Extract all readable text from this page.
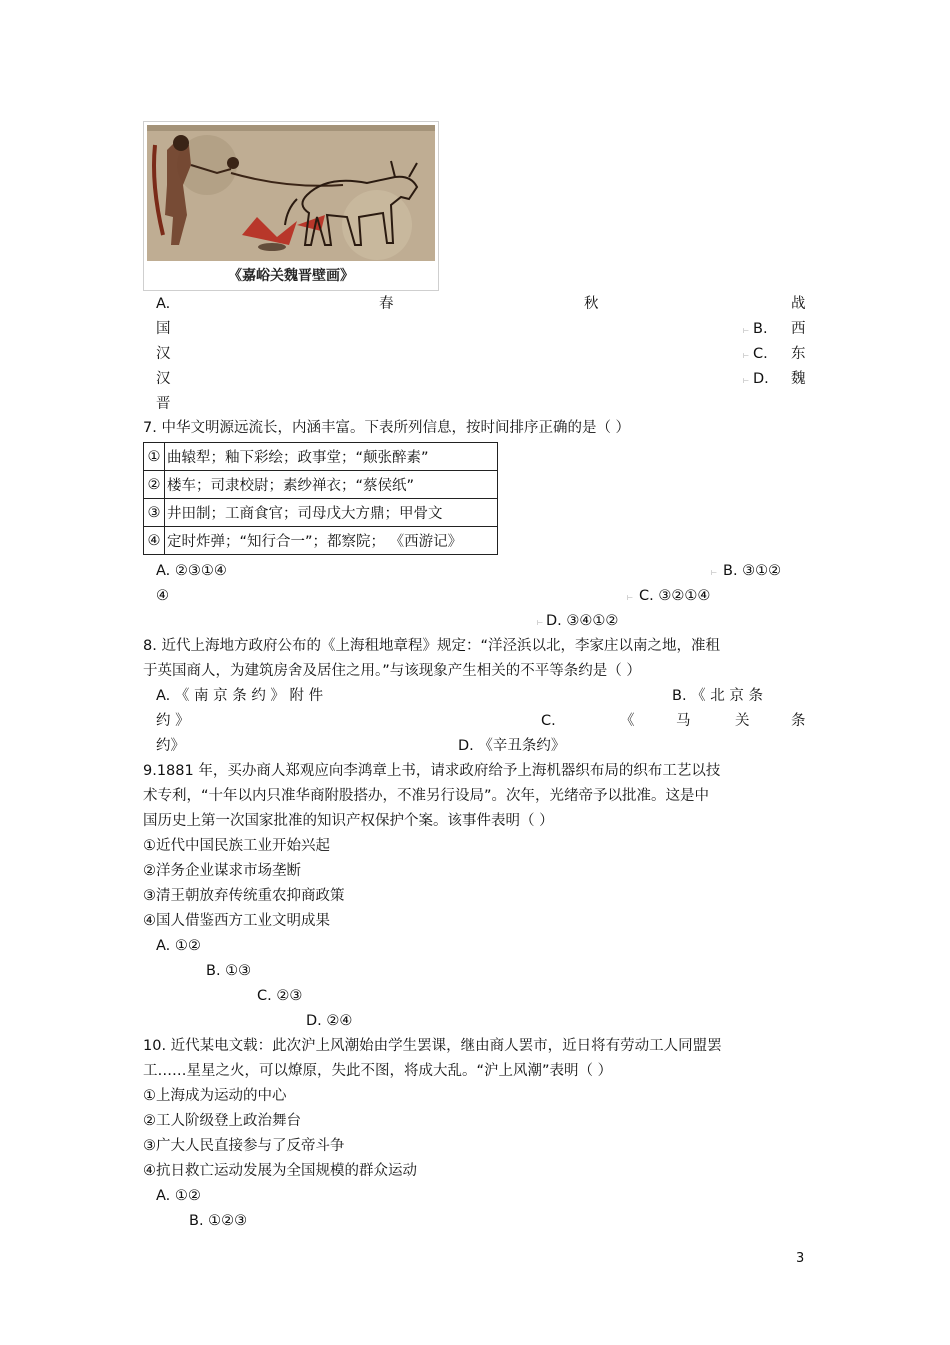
《嘉峪关魏晋壁画》
A.	春	秋	战
国	⊢ B. 西
汉	⊢ C. 东
汉	⊢ D. 魏
晋
7. 中华文明源远流长，内涵丰富。下表所列信息，按时间排序正确的是（ ）
①	曲辕犁；釉下彩绘；政事堂；“颠张醉素”
②	楼车；司隶校尉；素纱禅衣；“蔡侯纸”
③	井田制；工商食官；司母戊大方鼎；甲骨文
④	定时炸弹；“知行合一”；都察院； 《西游记》
A. ②③①④	⊢ B. ③①②
④	⊢ C. ③②①④
⊢ D. ③④①②
8. 近代上海地方政府公布的《上海租地章程》规定：“洋泾浜以北，李家庄以南之地，准租
于英国商人，为建筑房舍及居住之用。”与该现象产生相关的不平等条约是（ ）
A. 《 南 京 条 约 》 附 件	B. 《 北 京 条
约 》	C.	《	马	关	条
约》	D. 《辛丑条约》
9.1881 年，买办商人郑观应向李鸿章上书，请求政府给予上海机器织布局的织布工艺以技
术专利，“十年以内只准华商附股搭办，不准另行设局”。次年，光绪帝予以批准。这是中
国历史上第一次国家批准的知识产权保护个案。该事件表明（ ）
①近代中国民族工业开始兴起
②洋务企业谋求市场垄断
③清王朝放弃传统重农抑商政策
④国人借鉴西方工业文明成果
A. ①②
B. ①③
C. ②③
D. ②④
10. 近代某电文载：此次沪上风潮始由学生罢课，继由商人罢市，近日将有劳动工人同盟罢
工……星星之火，可以燎原，失此不图，将成大乱。“沪上风潮”表明（ ）
①上海成为运动的中心
②工人阶级登上政治舞台
③广大人民直接参与了反帝斗争
④抗日救亡运动发展为全国规模的群众运动
A. ①②
B. ①②③
3
